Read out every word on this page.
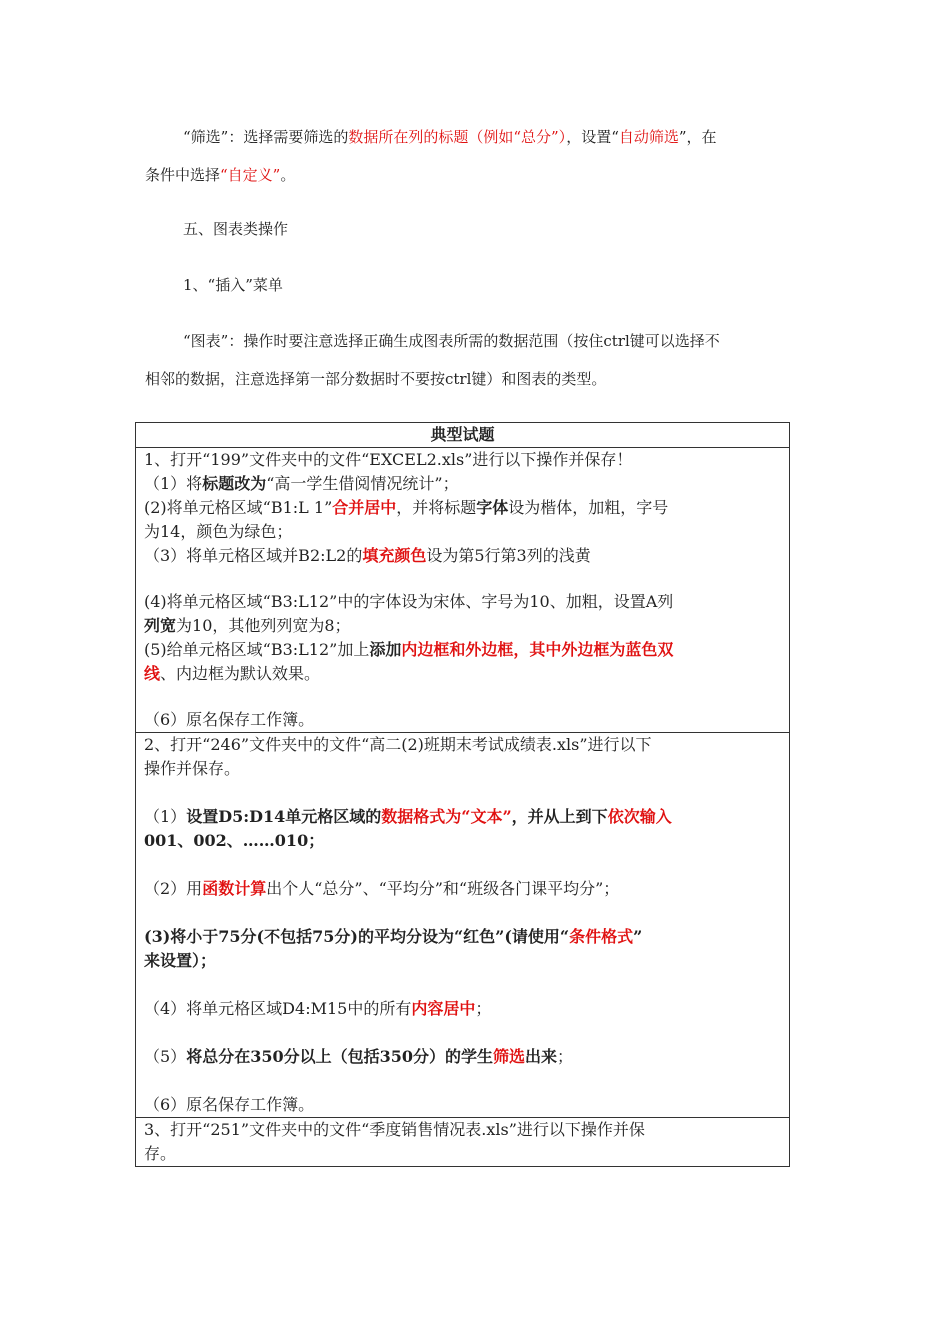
“筛选”：选择需要筛选的数据所在列的标题（例如“总分”），设置“自动筛选”，在
条件中选择“自定义”。
五、图表类操作
1、“插入”菜单
“图表”：操作时要注意选择正确生成图表所需的数据范围（按住ctrl键可以选择不
相邻的数据，注意选择第一部分数据时不要按ctrl键）和图表的类型。
典型试题

1、打开“199”文件夹中的文件“EXCEL2.xls”进行以下操作并保存！
（1）将标题改为“高一学生借阅情况统计”；
(2)将单元格区域“B1:L 1”合并居中，并将标题字体设为楷体，加粗，字号
为14，颜色为绿色；
（3）将单元格区域并B2:L2的填充颜色设为第5行第3列的浅黄
(4)将单元格区域“B3:L12”中的字体设为宋体、字号为10、加粗，设置A列
列宽为10，其他列列宽为8；
(5)给单元格区域“B3:L12”加上添加内边框和外边框，其中外边框为蓝色双
线、内边框为默认效果。
（6）原名保存工作簿。

2、打开“246”文件夹中的文件“高二(2)班期末考试成绩表.xls”进行以下
操作并保存。
（1）设置D5:D14单元格区域的数据格式为“文本”，并从上到下依次输入
001、002、……010；
（2）用函数计算出个人“总分”、“平均分”和“班级各门课平均分”；
(3)将小于75分(不包括75分)的平均分设为“红色”(请使用“条件格式”
来设置）；
（4）将单元格区域D4:M15中的所有内容居中；
（5）将总分在350分以上（包括350分）的学生筛选出来；
（6）原名保存工作簿。

3、打开“251”文件夹中的文件“季度销售情况表.xls”进行以下操作并保
存。
